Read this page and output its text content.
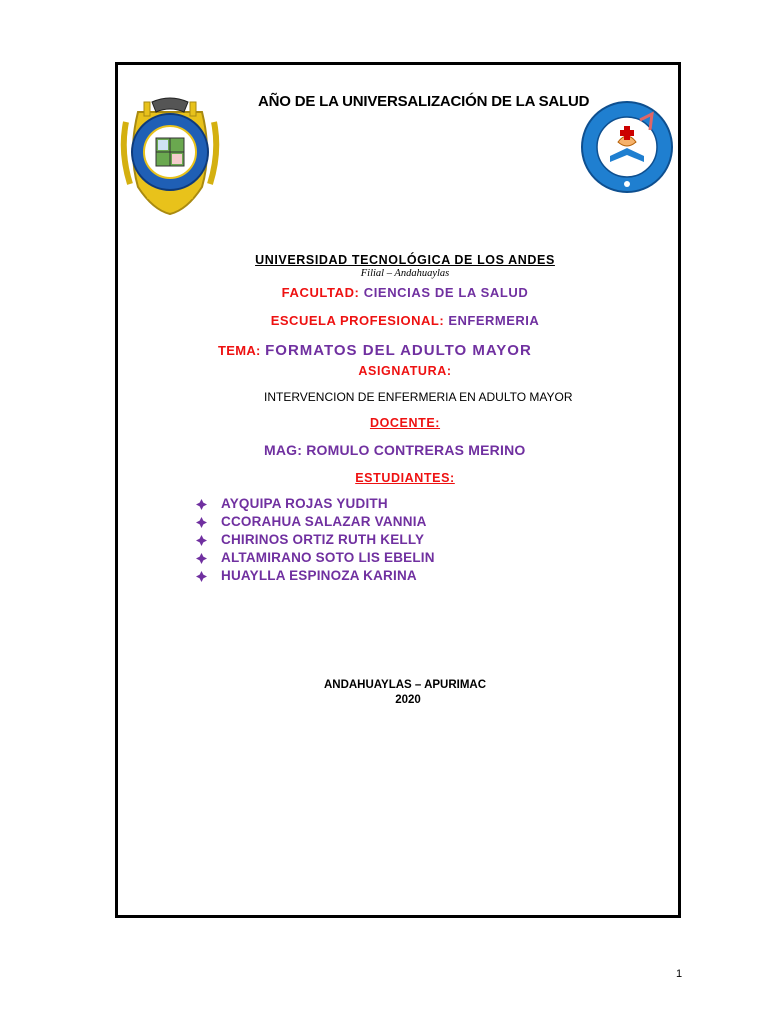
AÑO DE LA UNIVERSALIZACIÓN DE LA SALUD
UNIVERSIDAD TECNOLÓGICA DE LOS ANDES
Filial – Andahuaylas
FACULTAD: CIENCIAS DE LA SALUD
ESCUELA PROFESIONAL: ENFERMERIA
TEMA: FORMATOS DEL ADULTO MAYOR
ASIGNATURA:
INTERVENCION DE ENFERMERIA EN ADULTO MAYOR
DOCENTE:
MAG: ROMULO CONTRERAS MERINO
ESTUDIANTES:
AYQUIPA ROJAS YUDITH
CCORAHUA SALAZAR VANNIA
CHIRINOS ORTIZ RUTH KELLY
ALTAMIRANO SOTO LIS EBELIN
HUAYLLA ESPINOZA KARINA
ANDAHUAYLAS – APURIMAC
2020
1
